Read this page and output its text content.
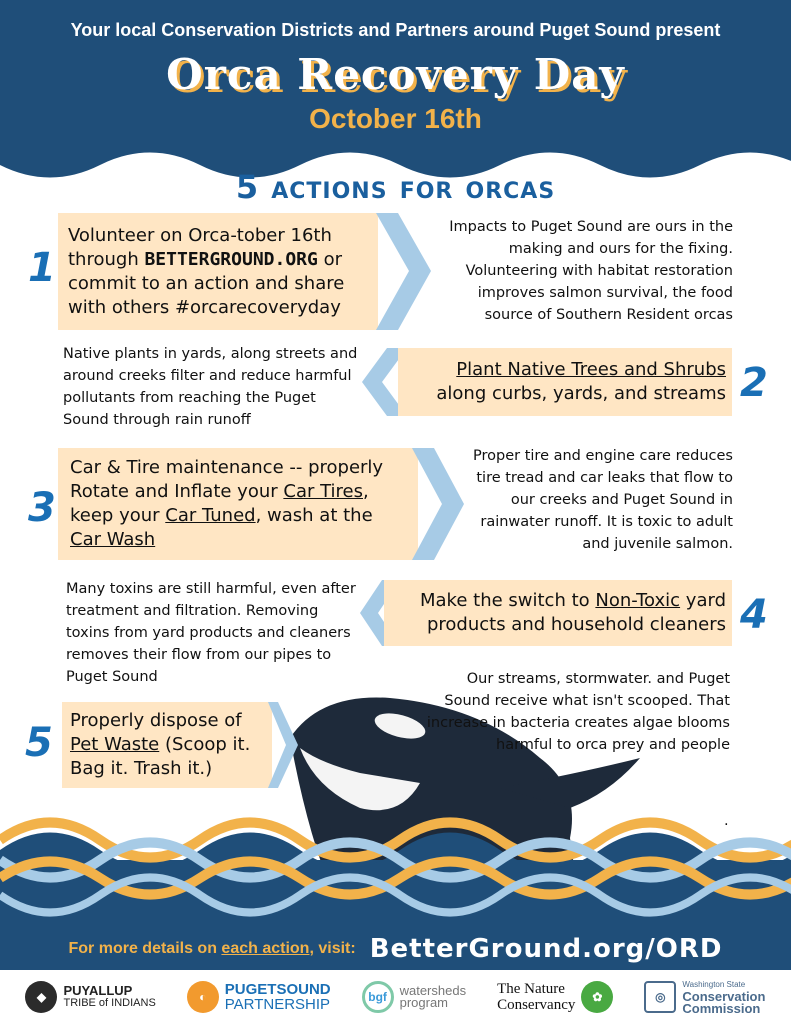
Your local Conservation Districts and Partners around Puget Sound present
Orca Recovery Day
October 16th
5 actions for orcas
1
Volunteer on Orca-tober 16th through BETTERGROUND.ORG or commit to an action and share with others #orcarecoveryday
Impacts to Puget Sound are ours in the making and ours for the fixing. Volunteering with habitat restoration improves salmon survival, the food source of Southern Resident orcas
Native plants in yards, along streets and around creeks filter and reduce harmful pollutants from reaching the Puget Sound through rain runoff
Plant Native Trees and Shrubs
along curbs, yards, and streams 2
3
Car & Tire maintenance -- properly Rotate and Inflate your Car Tires, keep your Car Tuned, wash at the Car Wash
Proper tire and engine care reduces tire tread and car leaks that flow to our creeks and Puget Sound in rainwater runoff. It is toxic to adult and juvenile salmon.
Many toxins are still harmful, even after treatment and filtration. Removing toxins from yard products and cleaners removes their flow from our pipes to Puget Sound
Make the switch to Non-Toxic yard products and household cleaners 4
5 Properly dispose of Pet Waste (Scoop it. Bag it. Trash it.)
Our streams, stormwater. and Puget Sound receive what isn't scooped. That increase in bacteria creates algae blooms harmful to orca prey and people
.
For more details on each action, visit: BetterGround.org/ORD
◆	PUYALLUP
TRIBE of INDIANS	◐	PUGETSOUND
PARTNERSHIP	bgf watersheds
program
The Nature
Conservancy	✿	◎
Washington State
Conservation
Commission
